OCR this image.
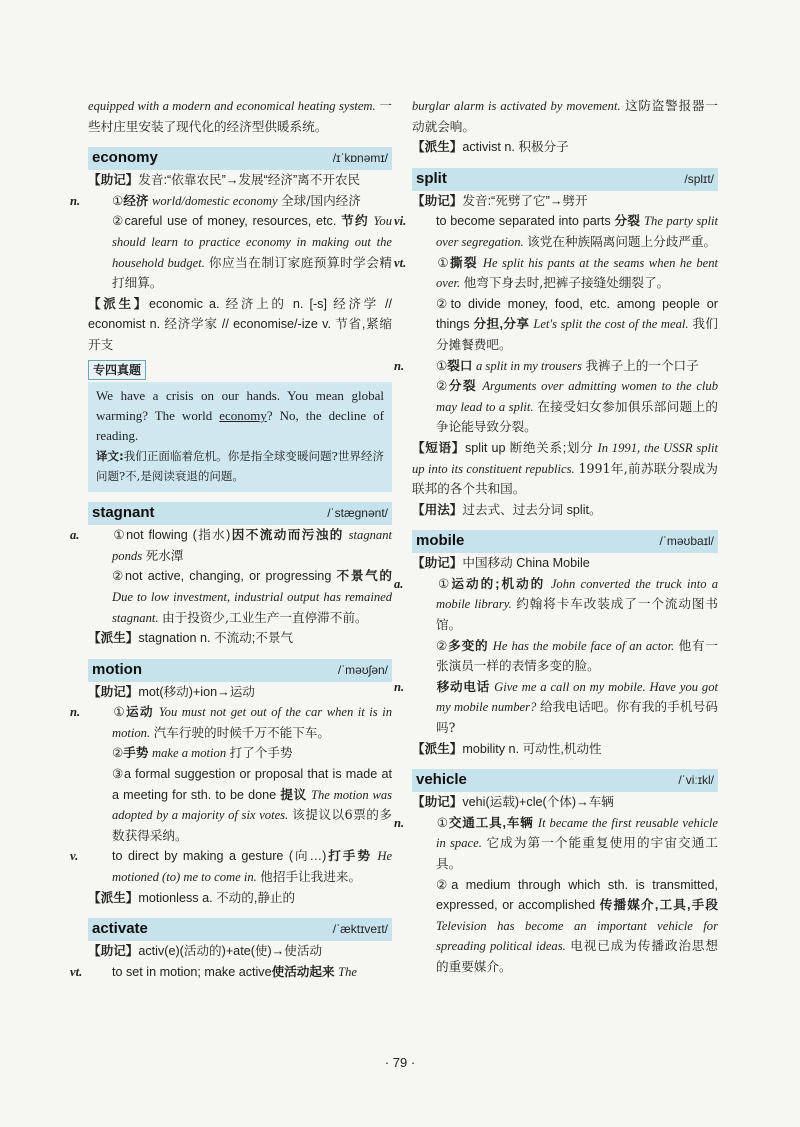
equipped with a modern and economical heating system. 一些村庄里安装了现代化的经济型供暖系统。

economy	/ɪˈkɒnəmɪ/

【助记】发音:“依靠农民”→发展“经济”离不开农民

n.	①经济 world/domestic economy 全球/国内经济

②careful use of money, resources, etc. 节约 You should learn to practice economy in making out the household budget. 你应当在制订家庭预算时学会精打细算。

【派生】economic a. 经济上的 n. [-s] 经济学 // economist n. 经济学家 // economise/-ize v. 节省,紧缩开支

专四真题
We have a crisis on our hands. You mean global warming? The world economy? No, the decline of reading.
译文:我们正面临着危机。你是指全球变暖问题?世界经济问题?不,是阅读衰退的问题。
stagnant	/ˈstæɡnənt/

a.	①not flowing (指水)因不流动而污浊的 stagnant ponds 死水潭

②not active, changing, or progressing 不景气的 Due to low investment, industrial output has remained stagnant. 由于投资少,工业生产一直停滞不前。

【派生】stagnation n. 不流动;不景气

motion	/ˈməʊʃən/

【助记】mot(移动)+ion→运动

n.	①运动 You must not get out of the car when it is in motion. 汽车行驶的时候千万不能下车。

②手势 make a motion 打了个手势

③a formal suggestion or proposal that is made at a meeting for sth. to be done 提议 The motion was adopted by a majority of six votes. 该提议以6票的多数获得采纳。

v.	to direct by making a gesture (向…)打手势 He motioned (to) me to come in. 他招手让我进来。

【派生】motionless a. 不动的,静止的

activate	/ˈæktɪveɪt/

【助记】activ(e)(活动的)+ate(使)→使活动

vt. to set in motion; make active使活动起来 The

burglar alarm is activated by movement. 这防盗警报器一动就会响。

【派生】activist n. 积极分子

split	/splɪt/

【助记】发音:“死劈了它”→劈开

vi. to become separated into parts 分裂 The party split over segregation. 该党在种族隔离问题上分歧严重。

vt. ①撕裂 He split his pants at the seams when he bent over. 他弯下身去时,把裤子接缝处绷裂了。

②to divide money, food, etc. among people or things 分担,分享 Let's split the cost of the meal. 我们分摊餐费吧。

n.	①裂口 a split in my trousers 我裤子上的一个口子

②分裂 Arguments over admitting women to the club may lead to a split. 在接受妇女参加俱乐部问题上的争论能导致分裂。

【短语】split up 断绝关系;划分 In 1991, the USSR split up into its constituent republics. 1991年,前苏联分裂成为联邦的各个共和国。

【用法】过去式、过去分词 split。

mobile	/ˈməʊbaɪl/

【助记】中国移动 China Mobile

a.	①运动的;机动的 John converted the truck into a mobile library. 约翰将卡车改装成了一个流动图书馆。

②多变的 He has the mobile face of an actor. 他有一张演员一样的表情多变的脸。

n.	移动电话 Give me a call on my mobile. Have you got my mobile number? 给我电话吧。你有我的手机号码吗?

【派生】mobility n. 可动性,机动性

vehicle	/ˈviːɪkl/

【助记】vehi(运载)+cle(个体)→车辆

n.	①交通工具,车辆 It became the first reusable vehicle in space. 它成为第一个能重复使用的宇宙交通工具。

②a medium through which sth. is transmitted, expressed, or accomplished 传播媒介,工具,手段 Television has become an important vehicle for spreading political ideas. 电视已成为传播政治思想的重要媒介。

· 79 ·
